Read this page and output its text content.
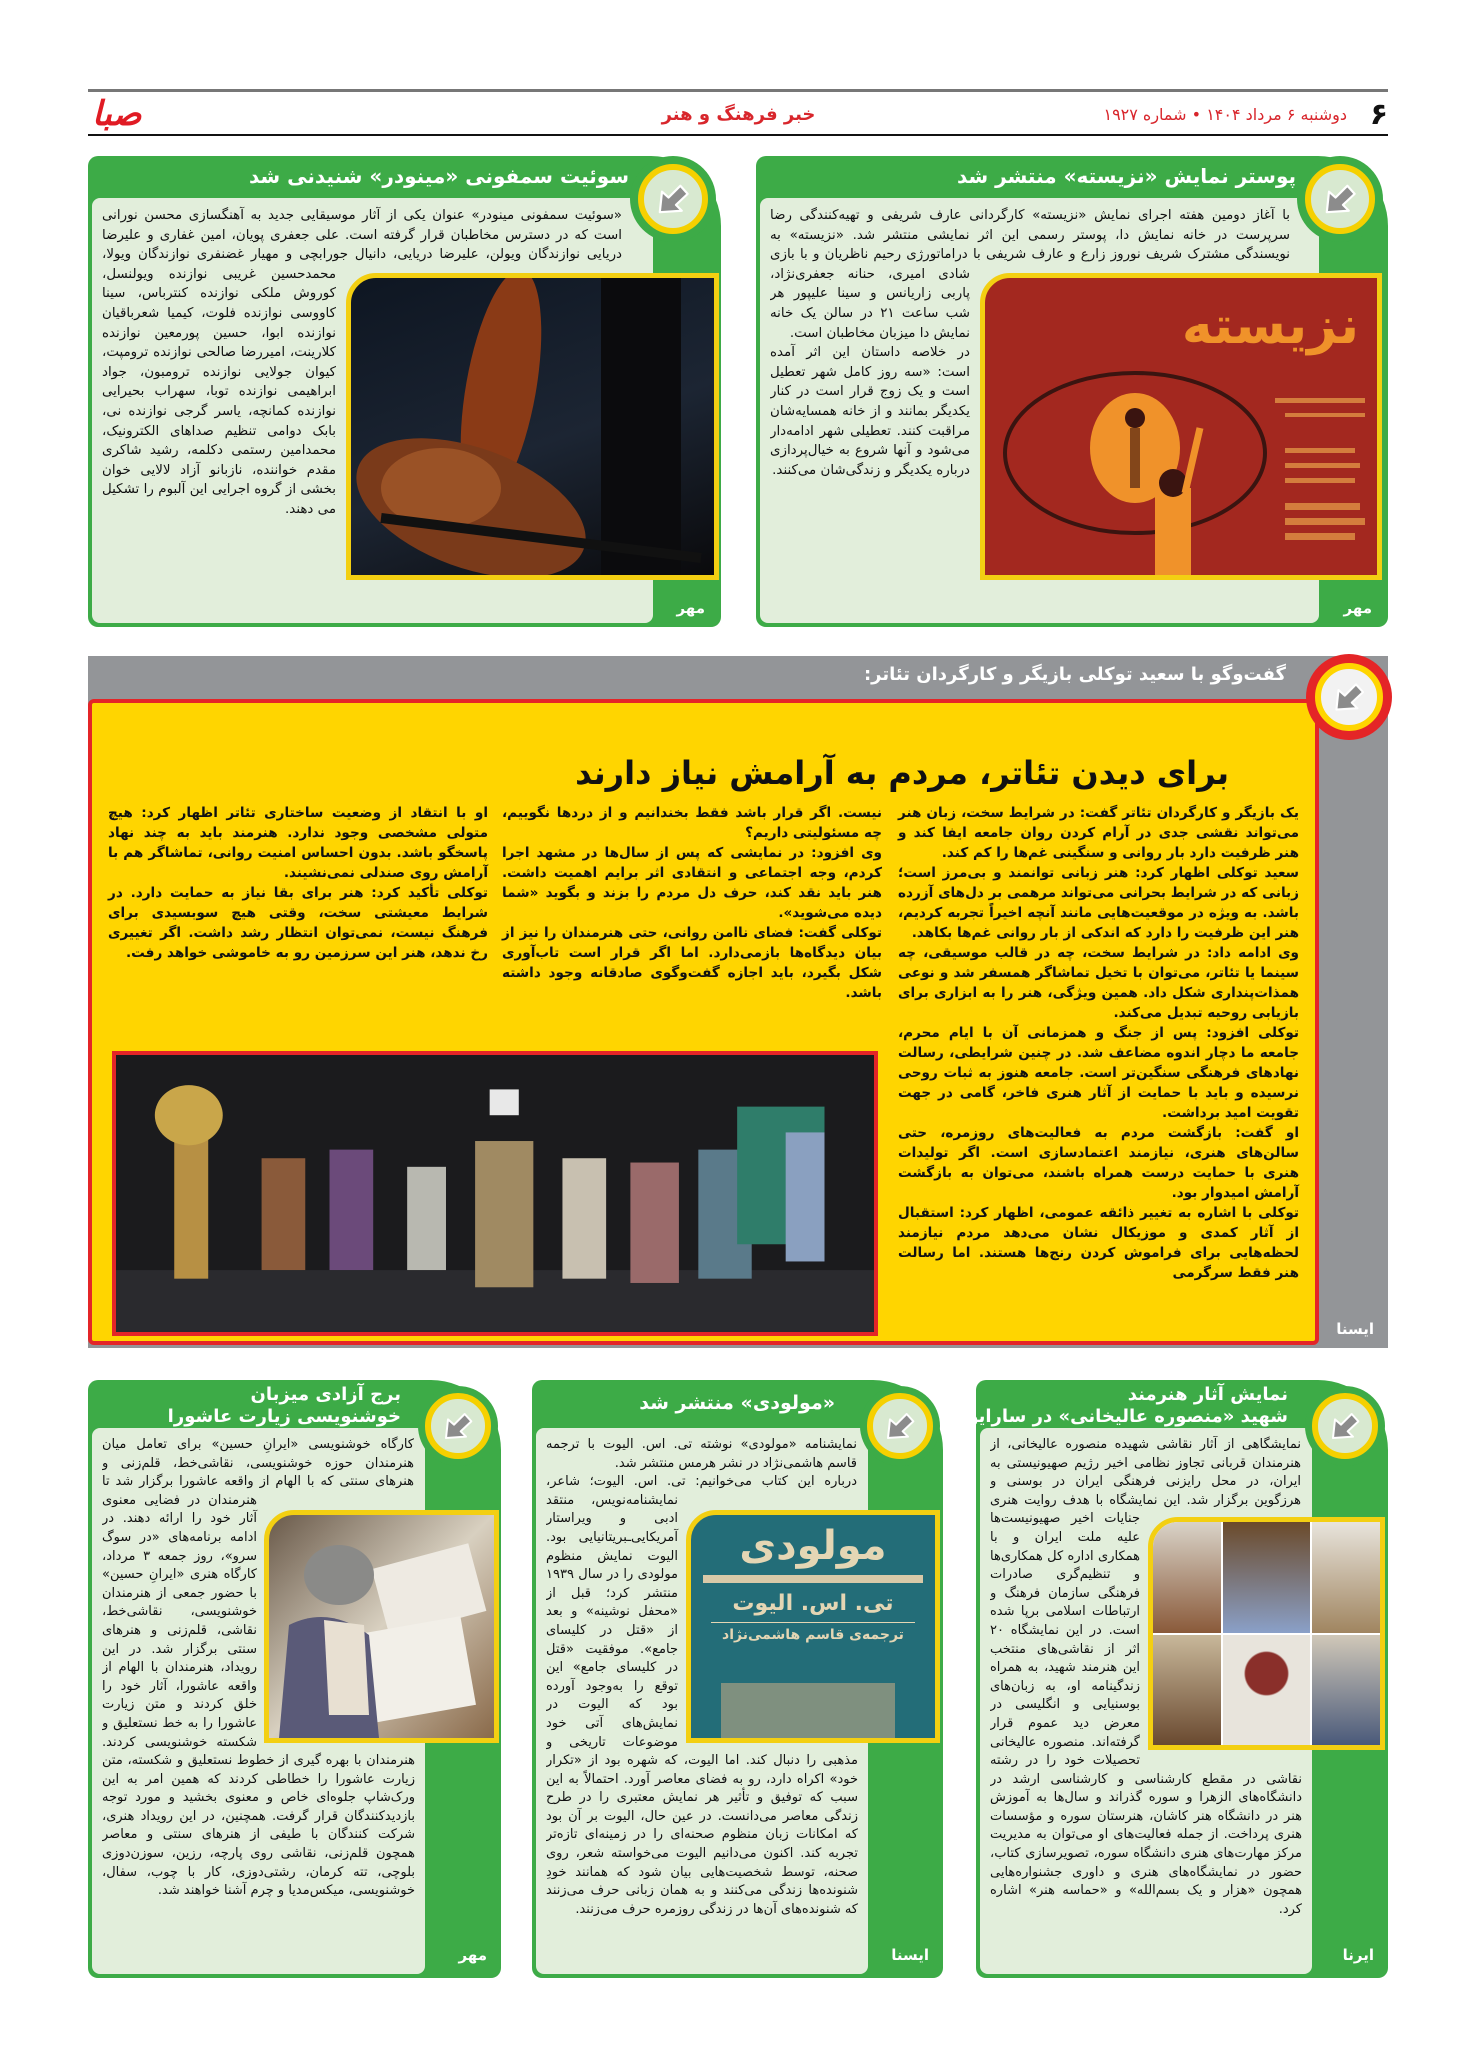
۶
دوشنبه ۶ مرداد ۱۴۰۴ • شماره ۱۹۲۷
خبر فرهنگ و هنر
صبا
پوستر نمایش «نزیسته» منتشر شد

با آغاز دومین هفته اجرای نمایش «نزیسته» کارگردانی عارف شریفی و تهیه‌کنندگی رضا سرپرست در خانه نمایش دا، پوستر رسمی این اثر نمایشی منتشر شد. «نزیسته» به نویسندگی مشترک شریف نوروز زارع و عارف شریفی با دراماتورژی رحیم ناظریان و با بازی شادی امیری، حنانه جعفری‌نژاد، پاربی زاریانس و سینا علیپور هر شب ساعت ۲۱ در سالن یک خانه نمایش دا میزبان مخاطبان است.

در خلاصه داستان این اثر آمده است: «سه روز کامل شهر تعطیل است و یک زوج قرار است در کنار یکدیگر بمانند و از خانه همسایه‌شان مراقبت کنند. تعطیلی شهر ادامه‌دار می‌شود و آنها شروع به خیال‌پردازی درباره یکدیگر و زندگی‌شان می‌کنند.

نزیسته
مهر
سوئیت سمفونی «مینودر» شنیدنی شد

«سوئیت سمفونی مینودر» عنوان یکی از آثار موسیقایی جدید به آهنگسازی محسن نورانی است که در دسترس مخاطبان قرار گرفته است. علی جعفری پویان، امین غفاری و علیرضا دریایی نوازندگان ویولن، علیرضا دریایی، دانیال جورابچی و مهیار غضنفری نوازندگان ویولا، محمدحسین غریبی نوازنده ویولنسل، کوروش ملکی نوازنده کنترباس، سینا کاووسی نوازنده فلوت، کیمیا شعرباقیان نوازنده ابوا، حسین پورمعین نوازنده کلارینت، امیررضا صالحی نوازنده ترومپت، کیوان جولایی نوازنده ترومبون، جواد ابراهیمی نوازنده توبا، سهراب بحیرایی نوازنده کمانچه، یاسر گرجی نوازنده نی، بابک دوامی تنظیم صداهای الکترونیک، محمدامین رستمی دکلمه، رشید شاکری مقدم خواننده، نازبانو آزاد لالایی خوان بخشی از گروه اجرایی این آلبوم را تشکیل می دهند.

مهر
گفت‌وگو با سعید توکلی بازیگر و کارگردان تئاتر:
برای دیدن تئاتر، مردم به آرامش نیاز دارند

یک بازیگر و کارگردان تئاتر گفت: در شرایط سخت، زبان هنر می‌تواند نقشی جدی در آرام کردن روان جامعه ایفا کند و هنر ظرفیت دارد بار روانی و سنگینی غم‌ها را کم کند.

سعید توکلی اظهار کرد: هنر زبانی توانمند و بی‌مرز است؛ زبانی که در شرایط بحرانی می‌تواند مرهمی بر دل‌های آزرده باشد. به ویژه در موقعیت‌هایی مانند آنچه اخیراً تجربه کردیم، هنر این ظرفیت را دارد که اندکی از بار روانی غم‌ها بکاهد.

وی ادامه داد: در شرایط سخت، چه در قالب موسیقی، چه سینما یا تئاتر، می‌توان با تخیل تماشاگر همسفر شد و نوعی همذات‌پنداری شکل داد. همین ویژگی، هنر را به ابزاری برای بازیابی روحیه تبدیل می‌کند.

توکلی افزود: پس از جنگ و همزمانی آن با ایام محرم، جامعه ما دچار اندوه مضاعف شد. در چنین شرایطی، رسالت نهادهای فرهنگی سنگین‌تر است. جامعه هنوز به ثبات روحی نرسیده و باید با حمایت از آثار هنری فاخر، گامی در جهت تقویت امید برداشت.

او گفت: بازگشت مردم به فعالیت‌های روزمره، حتی سالن‌های هنری، نیازمند اعتمادسازی است. اگر تولیدات هنری با حمایت درست همراه باشند، می‌توان به بازگشت آرامش امیدوار بود.

توکلی با اشاره به تغییر ذائقه عمومی، اظهار کرد: استقبال از آثار کمدی و موزیکال نشان می‌دهد مردم نیازمند لحظه‌هایی برای فراموش کردن رنج‌ها هستند. اما رسالت هنر فقط سرگرمی

نیست. اگر قرار باشد فقط بخندانیم و از دردها نگوییم، چه مسئولیتی داریم؟

وی افزود: در نمایشی که پس از سال‌ها در مشهد اجرا کردم، وجه اجتماعی و انتقادی اثر برایم اهمیت داشت. هنر باید نقد کند، حرف دل مردم را بزند و بگوید «شما دیده می‌شوید».

توکلی گفت: فضای ناامن روانی، حتی هنرمندان را نیز از بیان دیدگاه‌ها بازمی‌دارد. اما اگر قرار است تاب‌آوری شکل بگیرد، باید اجازه گفت‌وگوی صادقانه وجود داشته باشد.

او با انتقاد از وضعیت ساختاری تئاتر اظهار کرد: هیچ متولی مشخصی وجود ندارد. هنرمند باید به چند نهاد پاسخگو باشد. بدون احساس امنیت روانی، تماشاگر هم با آرامش روی صندلی نمی‌نشیند.

توکلی تأکید کرد: هنر برای بقا نیاز به حمایت دارد. در شرایط معیشتی سخت، وقتی هیچ سوبسیدی برای فرهنگ نیست، نمی‌توان انتظار رشد داشت. اگر تغییری رخ ندهد، هنر این سرزمین رو به خاموشی خواهد رفت.

ایسنا
نمایش آثار هنرمند
شهید «منصوره عالیخانی» در سارایوو

نمایشگاهی از آثار نقاشی شهیده منصوره عالیخانی، از هنرمندان قربانی تجاوز نظامی اخیر رژیم صهیونیستی به ایران، در محل رایزنی فرهنگی ایران در بوسنی و هرزگوین برگزار شد. این نمایشگاه با هدف روایت هنری جنایات اخیر صهیونیست‌ها علیه ملت ایران و با همکاری اداره کل همکاری‌ها و تنظیم‌گری صادرات فرهنگی سازمان فرهنگ و ارتباطات اسلامی برپا شده است. در این نمایشگاه ۲۰ اثر از نقاشی‌های منتخب این هنرمند شهید، به همراه زندگینامه او، به زبان‌های بوسنیایی و انگلیسی در معرض دید عموم قرار گرفته‌اند. منصوره عالیخانی تحصیلات خود را در رشته نقاشی در مقطع کارشناسی و کارشناسی ارشد در دانشگاه‌های الزهرا و سوره گذراند و سال‌ها به آموزش هنر در دانشگاه هنر کاشان، هنرستان سوره و مؤسسات هنری پرداخت. از جمله فعالیت‌های او می‌توان به مدیریت مرکز مهارت‌های هنری دانشگاه سوره، تصویرسازی کتاب، حضور در نمایشگاه‌های هنری و داوری جشنواره‌هایی همچون «هزار و یک بسم‌الله» و «حماسه هنر» اشاره کرد.

ایرنا
«مولودی» منتشر شد

نمایشنامه «مولودی» نوشته تی. اس. الیوت با ترجمه قاسم هاشمی‌نژاد در نشر هرمس منتشر شد.

درباره این کتاب می‌خوانیم: تی. اس. الیوت؛ شاعر، نمایشنامه‌نویس، منتقد ادبی و ویراستار آمریکایی‌ـبریتانیایی بود. الیوت نمایش منظوم مولودی را در سال ۱۹۳۹ منتشر کرد؛ قبل از «محفل نوشینه» و بعد از «قتل در کلیسای جامع». موفقیت «قتل در کلیسای جامع» این توقع را به‌وجود آورده بود که الیوت در نمایش‌های آتی خود موضوعات تاریخی و مذهبی را دنبال کند. اما الیوت، که شهره بود از «تکرار خود» اکراه دارد، رو به فضای معاصر آورد. احتمالاً به این سبب که توفیق و تأثیر هر نمایش معتبری را در طرح زندگی معاصر می‌دانست. در عین حال، الیوت بر آن بود که امکانات زبان منظوم صحنه‌ای را در زمینه‌ای تازه‌تر تجربه کند. اکنون می‌دانیم الیوت می‌خواسته شعر، روی صحنه، توسط شخصیت‌هایی بیان شود که همانند خودِ شنونده‌ها زندگی می‌کنند و به همان زبانی حرف می‌زنند که شنونده‌های آن‌ها در زندگی روزمره حرف می‌زنند.

مولودی
تی. اس. الیوت
ترجمه‌ی قاسم هاشمی‌نژاد
ایسنا
برج آزادی میزبان
خوشنویسی زیارت عاشورا

کارگاه خوشنویسی «ایرانِ حسین» برای تعامل میان هنرمندان حوزه خوشنویسی، نقاشی‌خط، قلم‌زنی و هنرهای سنتی که با الهام از واقعه عاشورا برگزار شد تا هنرمندان در فضایی معنوی آثار خود را ارائه دهند. در ادامه برنامه‌های «در سوگ سرو»، روز جمعه ۳ مرداد، کارگاه هنری «ایرانِ حسین» با حضور جمعی از هنرمندان خوشنویسی، نقاشی‌خط، نقاشی، قلم‌زنی و هنرهای سنتی برگزار شد. در این رویداد، هنرمندان با الهام از واقعه عاشورا، آثار خود را خلق کردند و متن زیارت عاشورا را به خط نستعلیق و شکسته خوشنویسی کردند. هنرمندان با بهره گیری از خطوط نستعلیق و شکسته، متن زیارت عاشورا را خطاطی کردند که همین امر به این ورک‌شاپ جلوه‌ای خاص و معنوی بخشید و مورد توجه بازدیدکنندگان قرار گرفت. همچنین، در این رویداد هنری، شرکت کنندگان با طیفی از هنرهای سنتی و معاصر همچون قلم‌زنی، نقاشی روی پارچه، رزین، سوزن‌دوزی بلوچی، تته کرمان، رشتی‌دوزی، کار با چوب، سفال، خوشنویسی، میکس‌مدیا و چرم آشنا خواهند شد.

مهر
